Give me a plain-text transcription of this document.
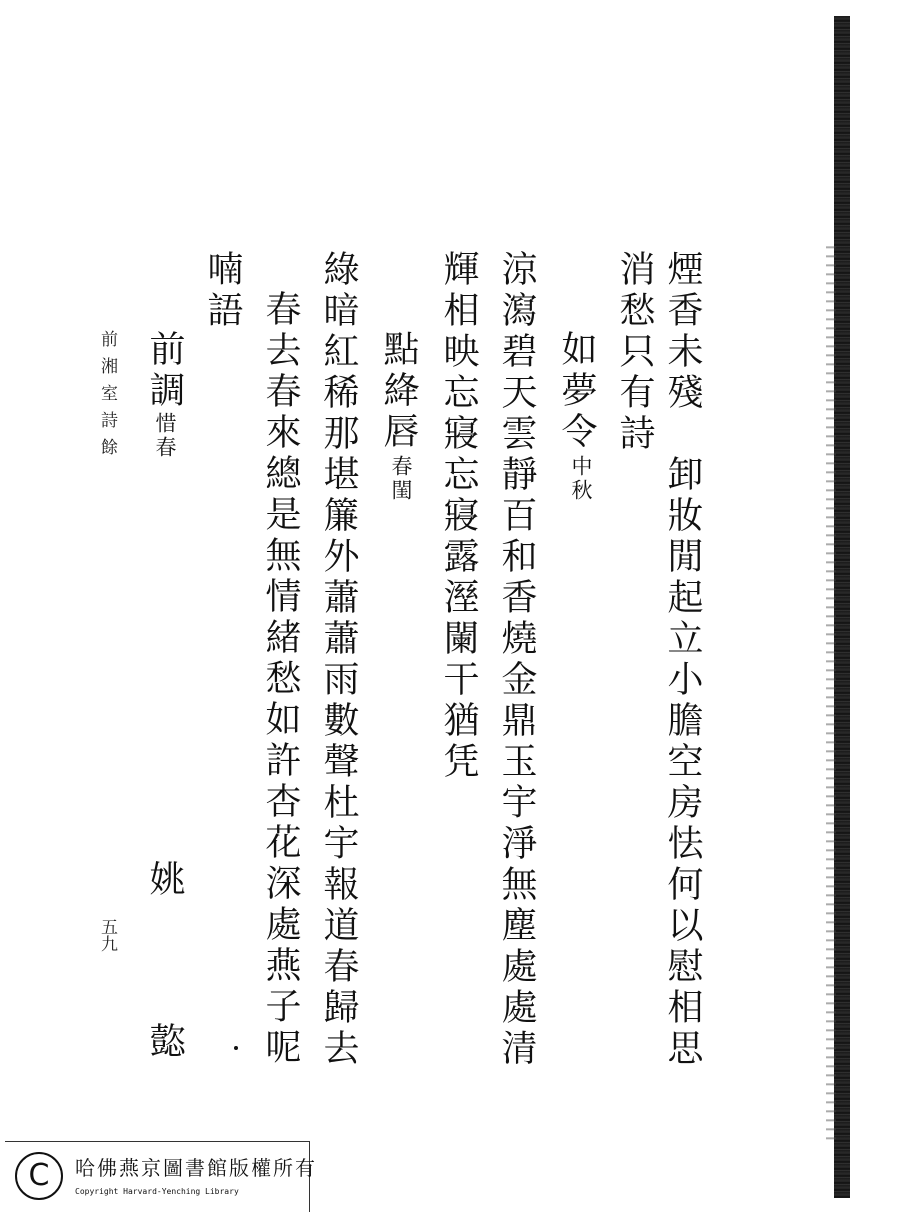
煙香未殘　卸妝閒起立小膽空房怯何以慰相思
消愁只有詩
如夢令
中秋
涼瀉碧天雲靜百和香燒金鼎玉宇淨無塵處處清
輝相映忘寢忘寢露溼闌干猶凭
點絳唇
春閨
綠暗紅稀那堪簾外蕭蕭雨數聲杜宇報道春歸去
春去春來總是無情緒愁如許杏花深處燕子呢
喃語
前調
惜春
姚　㦤
前湘室詩餘
五九
C	哈佛燕京圖書館版權所有
Copyright Harvard-Yenching Library
